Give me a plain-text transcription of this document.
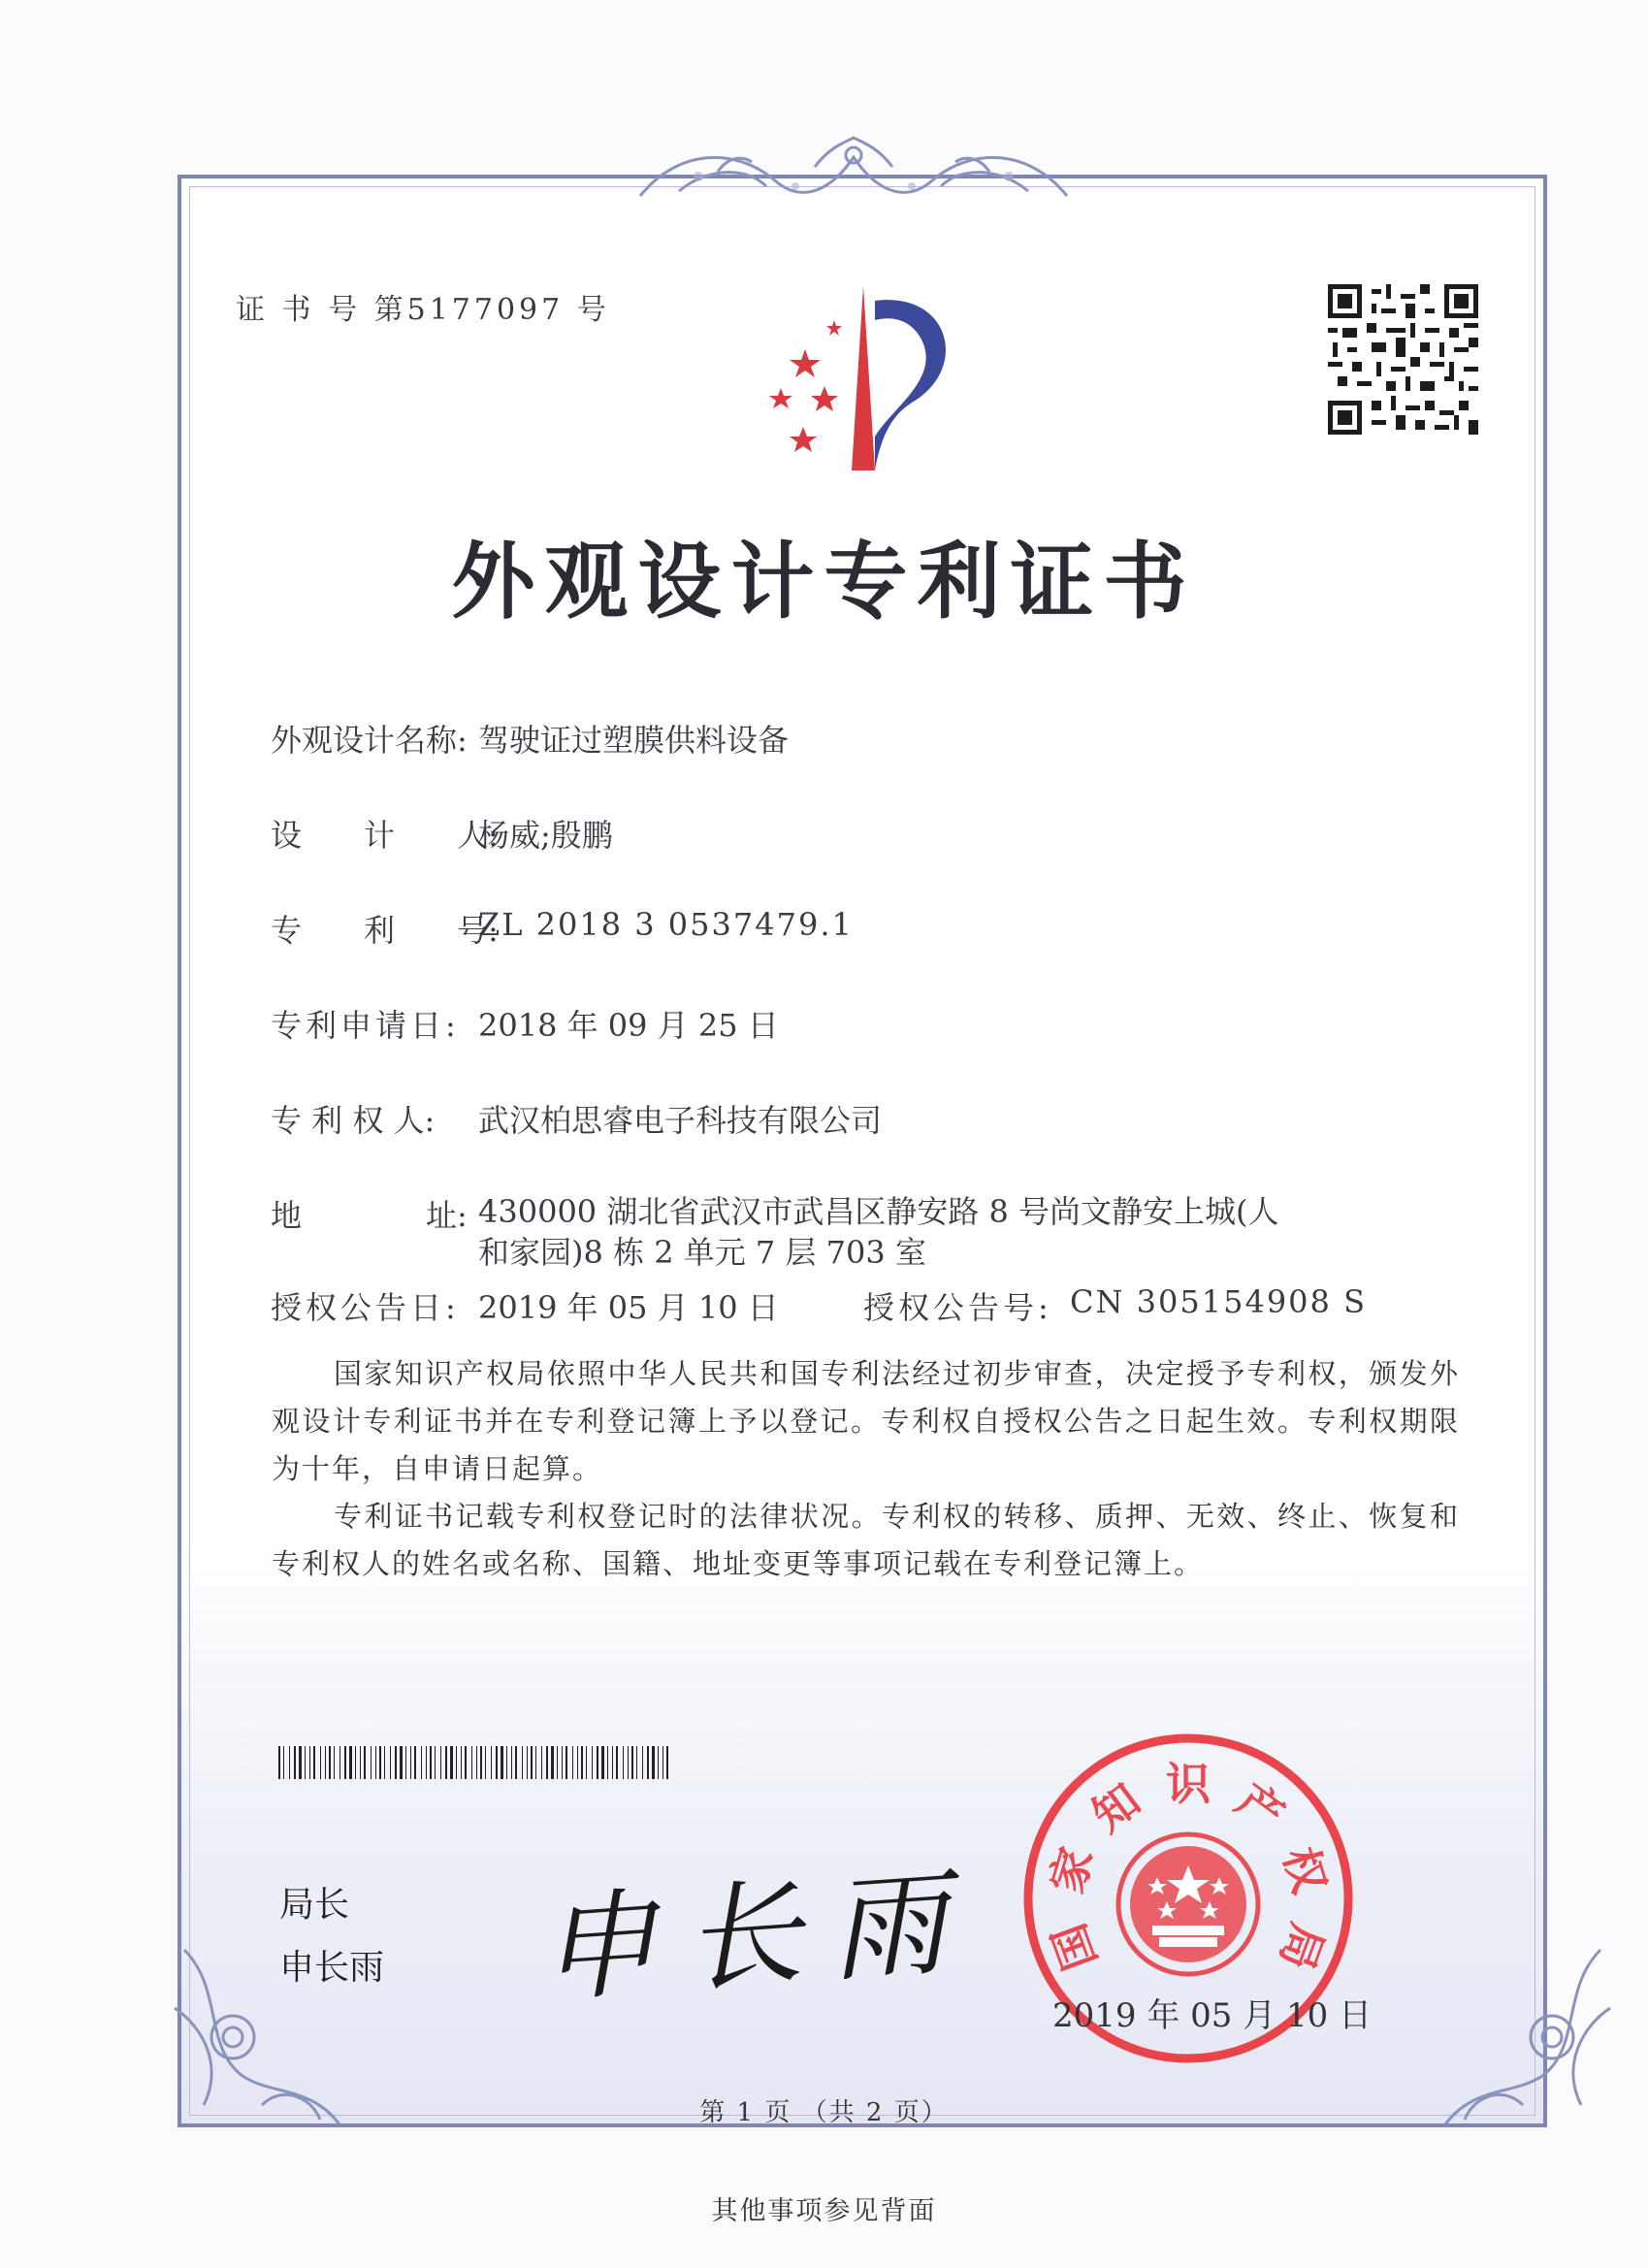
证 书 号 第5177097 号
外观设计专利证书
外观设计名称: 驾驶证过塑膜供料设备
设　　计　　人:
杨威;殷鹏
专　　利　　号:
ZL 2018 3 0537479.1
专利申请日: 2018 年 09 月 25 日
专 利 权 人: 武汉柏思睿电子科技有限公司
地　　　　址: 430000 湖北省武汉市武昌区静安路 8 号尚文静安上城(人
和家园)8 栋 2 单元 7 层 703 室
授权公告日: 2019 年 05 月 10 日	授权公告号: CN 305154908 S
国家知识产权局依照中华人民共和国专利法经过初步审查，决定授予专利权，颁发外观设计专利证书并在专利登记簿上予以登记。专利权自授权公告之日起生效。专利权期限为十年，自申请日起算。
专利证书记载专利权登记时的法律状况。专利权的转移、质押、无效、终止、恢复和专利权人的姓名或名称、国籍、地址变更等事项记载在专利登记簿上。
局长
申长雨 申长雨 国
家
知 识 产
权
局
2019 年 05 月 10 日
第 1 页 （共 2 页）
其他事项参见背面
